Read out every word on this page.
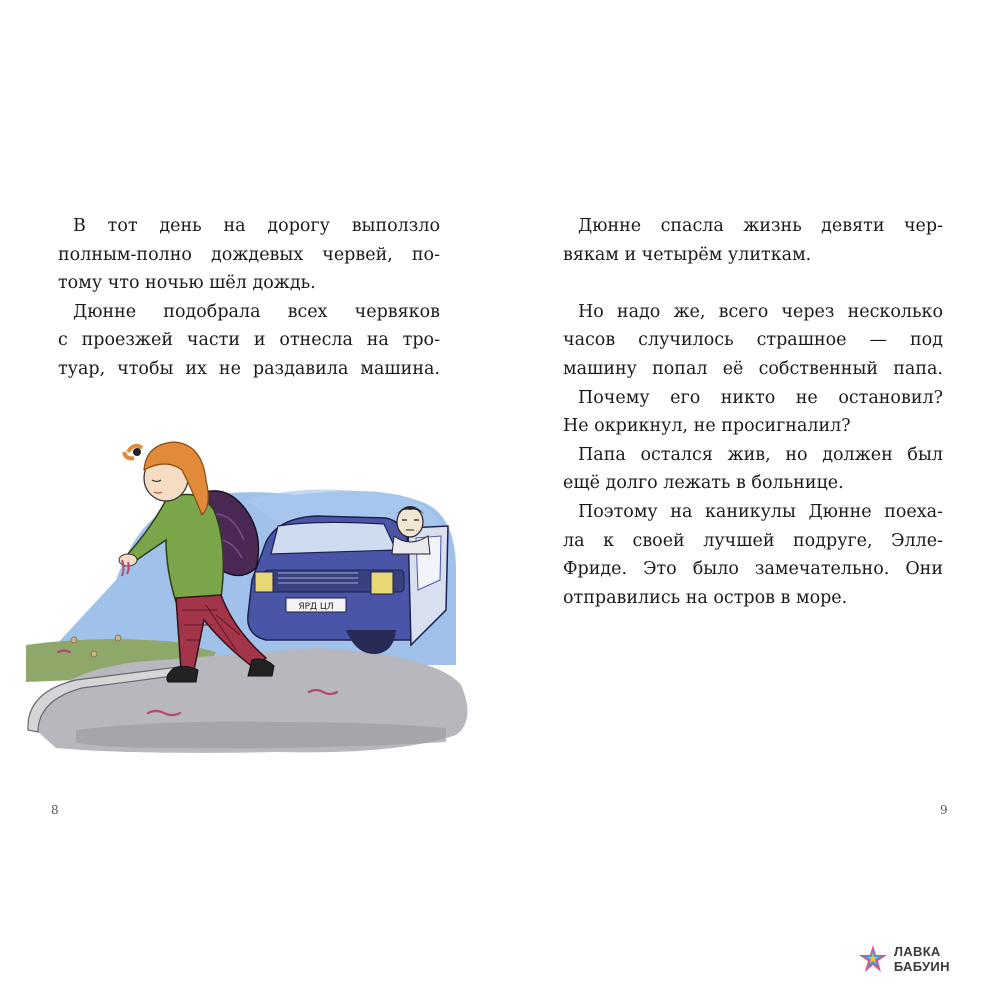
В тот день на дорогу выползло
полным-полно дождевых червей, по-
тому что ночью шёл дождь.
Дюнне подобрала всех червяков
с проезжей части и отнесла на тро-
туар, чтобы их не раздавила машина.
ЯРД ЦЛ
8
Дюнне спасла жизнь девяти чер-
вякам и четырём улиткам.
Но надо же, всего через несколько
часов случилось страшное — под
машину попал её собственный папа.
Почему его никто не остановил?
Не окрикнул, не просигналил?
Папа остался жив, но должен был
ещё долго лежать в больнице.
Поэтому на каникулы Дюнне поеха-
ла к своей лучшей подруге, Элле-
Фриде. Это было замечательно. Они
отправились на остров в море.
9
ЛАВКА БАБУИН
